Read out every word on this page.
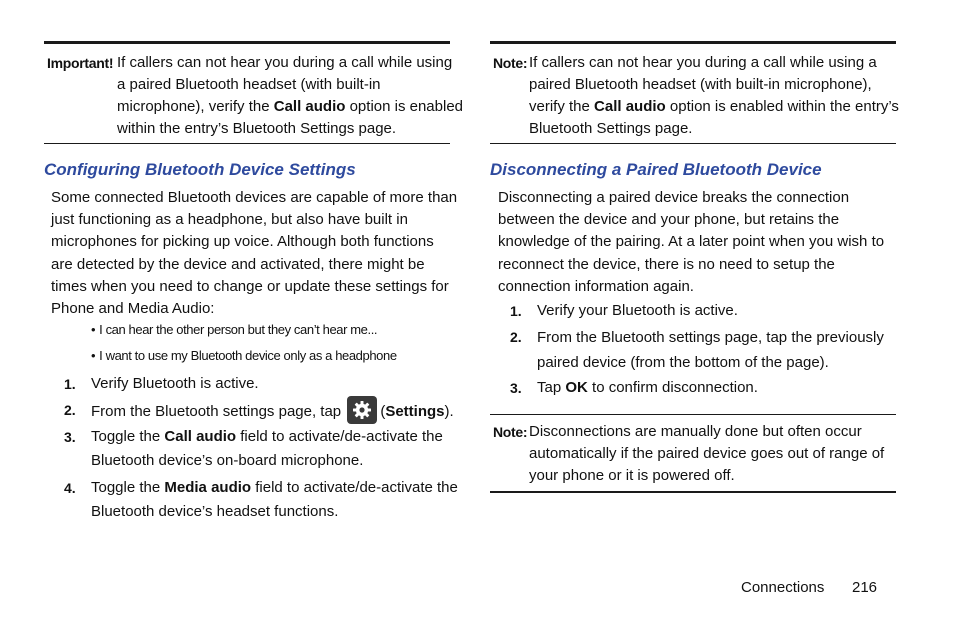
Important! If callers can not hear you during a call while using
a paired Bluetooth headset (with built-in
microphone), verify the Call audio option is enabled
within the entry’s Bluetooth Settings page.
Configuring Bluetooth Device Settings
Some connected Bluetooth devices are capable of more than
just functioning as a headphone, but also have built in
microphones for picking up voice. Although both functions
are detected by the device and activated, there might be
times when you need to change or update these settings for
Phone and Media Audio:
• I can hear the other person but they can’t hear me...
• I want to use my Bluetooth device only as a headphone
1. Verify Bluetooth is active.
2. From the Bluetooth settings page, tap	(Settings).
3. Toggle the Call audio field to activate/de-activate the
Bluetooth device’s on-board microphone.
4. Toggle the Media audio field to activate/de-activate the
Bluetooth device’s headset functions.
Note: If callers can not hear you during a call while using a
paired Bluetooth headset (with built-in microphone),
verify the Call audio option is enabled within the entry’s
Bluetooth Settings page.
Disconnecting a Paired Bluetooth Device
Disconnecting a paired device breaks the connection
between the device and your phone, but retains the
knowledge of the pairing. At a later point when you wish to
reconnect the device, there is no need to setup the
connection information again.
1. Verify your Bluetooth is active.
2. From the Bluetooth settings page, tap the previously
paired device (from the bottom of the page).
3. Tap OK to confirm disconnection.
Note: Disconnections are manually done but often occur
automatically if the paired device goes out of range of
your phone or it is powered off.
Connections 216
